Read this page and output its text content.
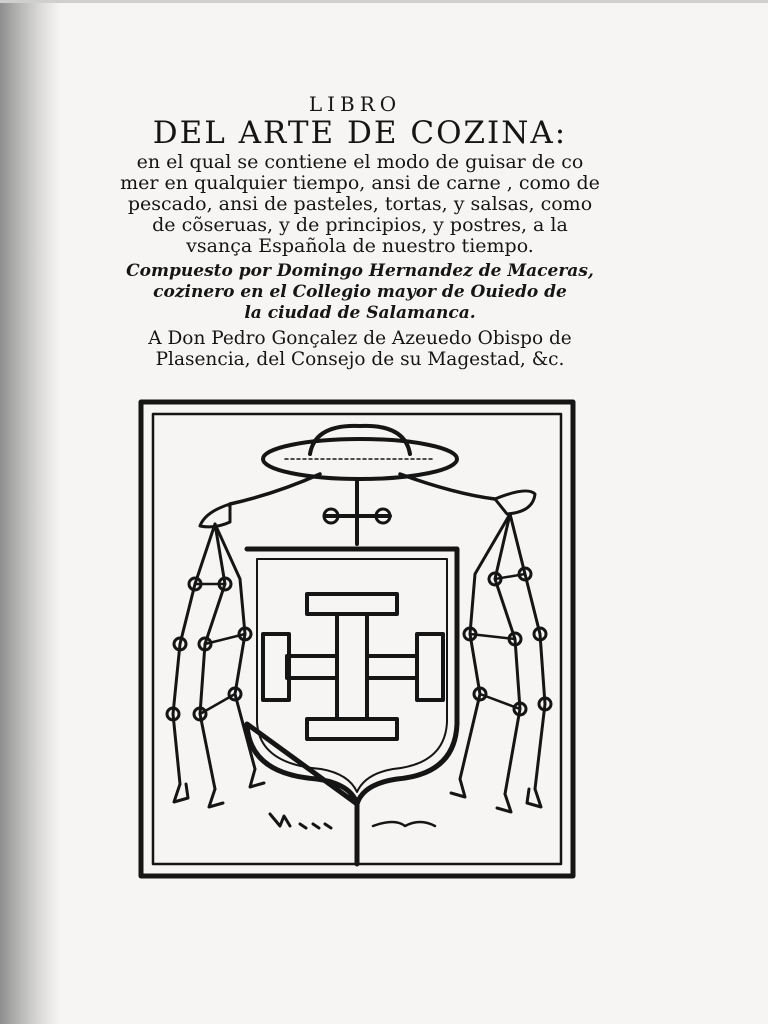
LIBRO
DEL ARTE DE COZINA:
en el qual se contiene el modo de guisar de co
mer en qualquier tiempo, ansi de carne , como de
pescado, ansi de pasteles, tortas, y salsas, como
de cõseruas, y de principios, y postres, a la
vsança Española de nuestro tiempo.
Compuesto por Domingo Hernandez de Maceras,
cozinero en el Collegio mayor de Ouiedo de
la ciudad de Salamanca.
A Don Pedro Gonçalez de Azeuedo Obispo de
Plasencia, del Consejo de su Magestad, &c.
